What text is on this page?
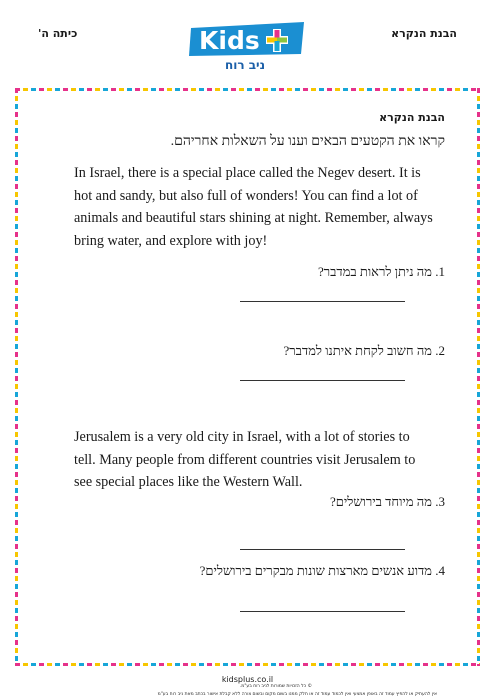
כיתה ה'	הבנת הנקרא
Kids
ניב רוח
הבנת הנקרא
קראו את הקטעים הבאים וענו על השאלות אחריהם.
In Israel, there is a special place called the Negev desert. It is hot and sandy, but also full of wonders! You can find a lot of animals and beautiful stars shining at night. Remember, always bring water, and explore with joy!
1. מה ניתן לראות במדבר?
2. מה חשוב לקחת איתנו למדבר?
Jerusalem is a very old city in Israel, with a lot of stories to tell. Many people from different countries visit Jerusalem to see special places like the Western Wall.
3. מה מיוחד בירושלים?
4. מדוע אנשים מארצות שונות מבקרים בירושלים?
kidsplus.co.il
© כל הזכויות שמורות לניב רוח בע"מ.
אין להעתיק או להפיץ עמוד זה באופן אמצעי ואין לכמוד עמוד זה או חלק ממנו בשום מקום ובשום צורה ללא קבלת אישור בכתב מאת ניב רוח בע"מ
